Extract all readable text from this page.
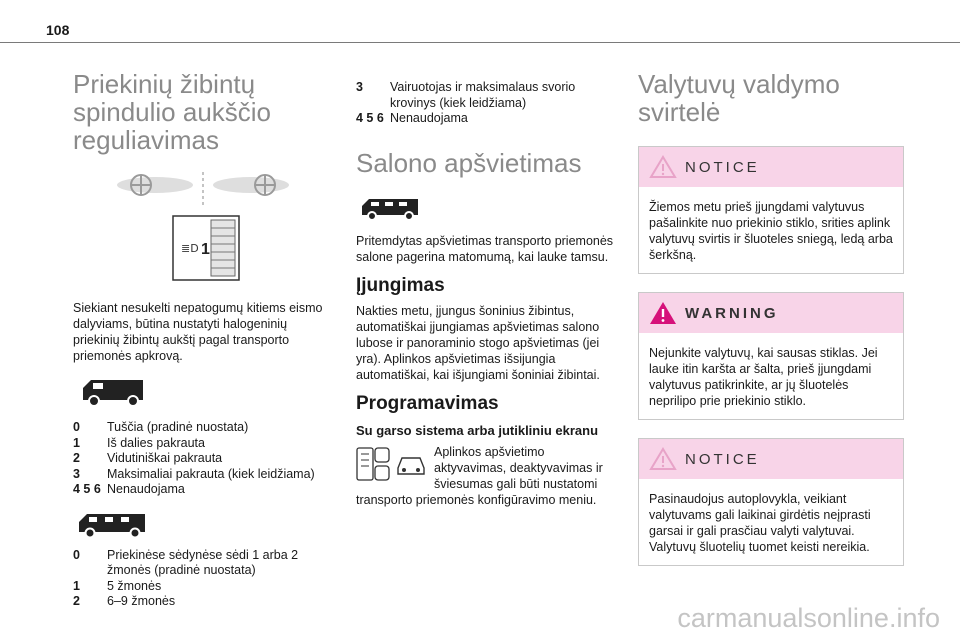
108
Priekinių žibintų spindulio aukščio reguliavimas
≣D 1

Siekiant nesukelti nepatogumų kitiems eismo dalyviams, būtina nustatyti halogeninių priekinių žibintų aukštį pagal transporto priemonės apkrovą.

0	Tuščia (pradinė nuostata)
1	Iš dalies pakrauta
2	Vidutiniškai pakrauta
3	Maksimaliai pakrauta (kiek leidžiama)
4 5 6 Nenaudojama
0	Priekinėse sėdynėse sėdi 1 arba 2 žmonės (pradinė nuostata)
1	5 žmonės
2	6–9 žmonės
3	Vairuotojas ir maksimalaus svorio krovinys (kiek leidžiama)
4 5 6 Nenaudojama
Salono apšvietimas

Pritemdytas apšvietimas transporto priemonės salone pagerina matomumą, kai lauke tamsu.

Įjungimas

Nakties metu, įjungus šoninius žibintus, automatiškai įjungiamas apšvietimas salono lubose ir panoraminio stogo apšvietimas (jei yra). Aplinkos apšvietimas išsijungia automatiškai, kai išjungiami šoniniai žibintai.

Programavimas
Su garso sistema arba jutikliniu ekranu

Aplinkos apšvietimo aktyvavimas, deaktyvavimas ir šviesumas gali būti nustatomi transporto priemonės konfigūravimo meniu.

Valytuvų valdymo svirtelė
NOTICE
Žiemos metu prieš įjungdami valytuvus pašalinkite nuo priekinio stiklo, srities aplink valytuvų svirtis ir šluoteles sniegą, ledą arba šerkšną.
WARNING
Nejunkite valytuvų, kai sausas stiklas. Jei lauke itin karšta ar šalta, prieš įjungdami valytuvus patikrinkite, ar jų šluotelės neprilipo prie priekinio stiklo.
NOTICE
Pasinaudojus autoplovykla, veikiant valytuvams gali laikinai girdėtis neįprasti garsai ir gali prasčiau valyti valytuvai. Valytuvų šluotelių tuomet keisti nereikia.
carmanualsonline.info
